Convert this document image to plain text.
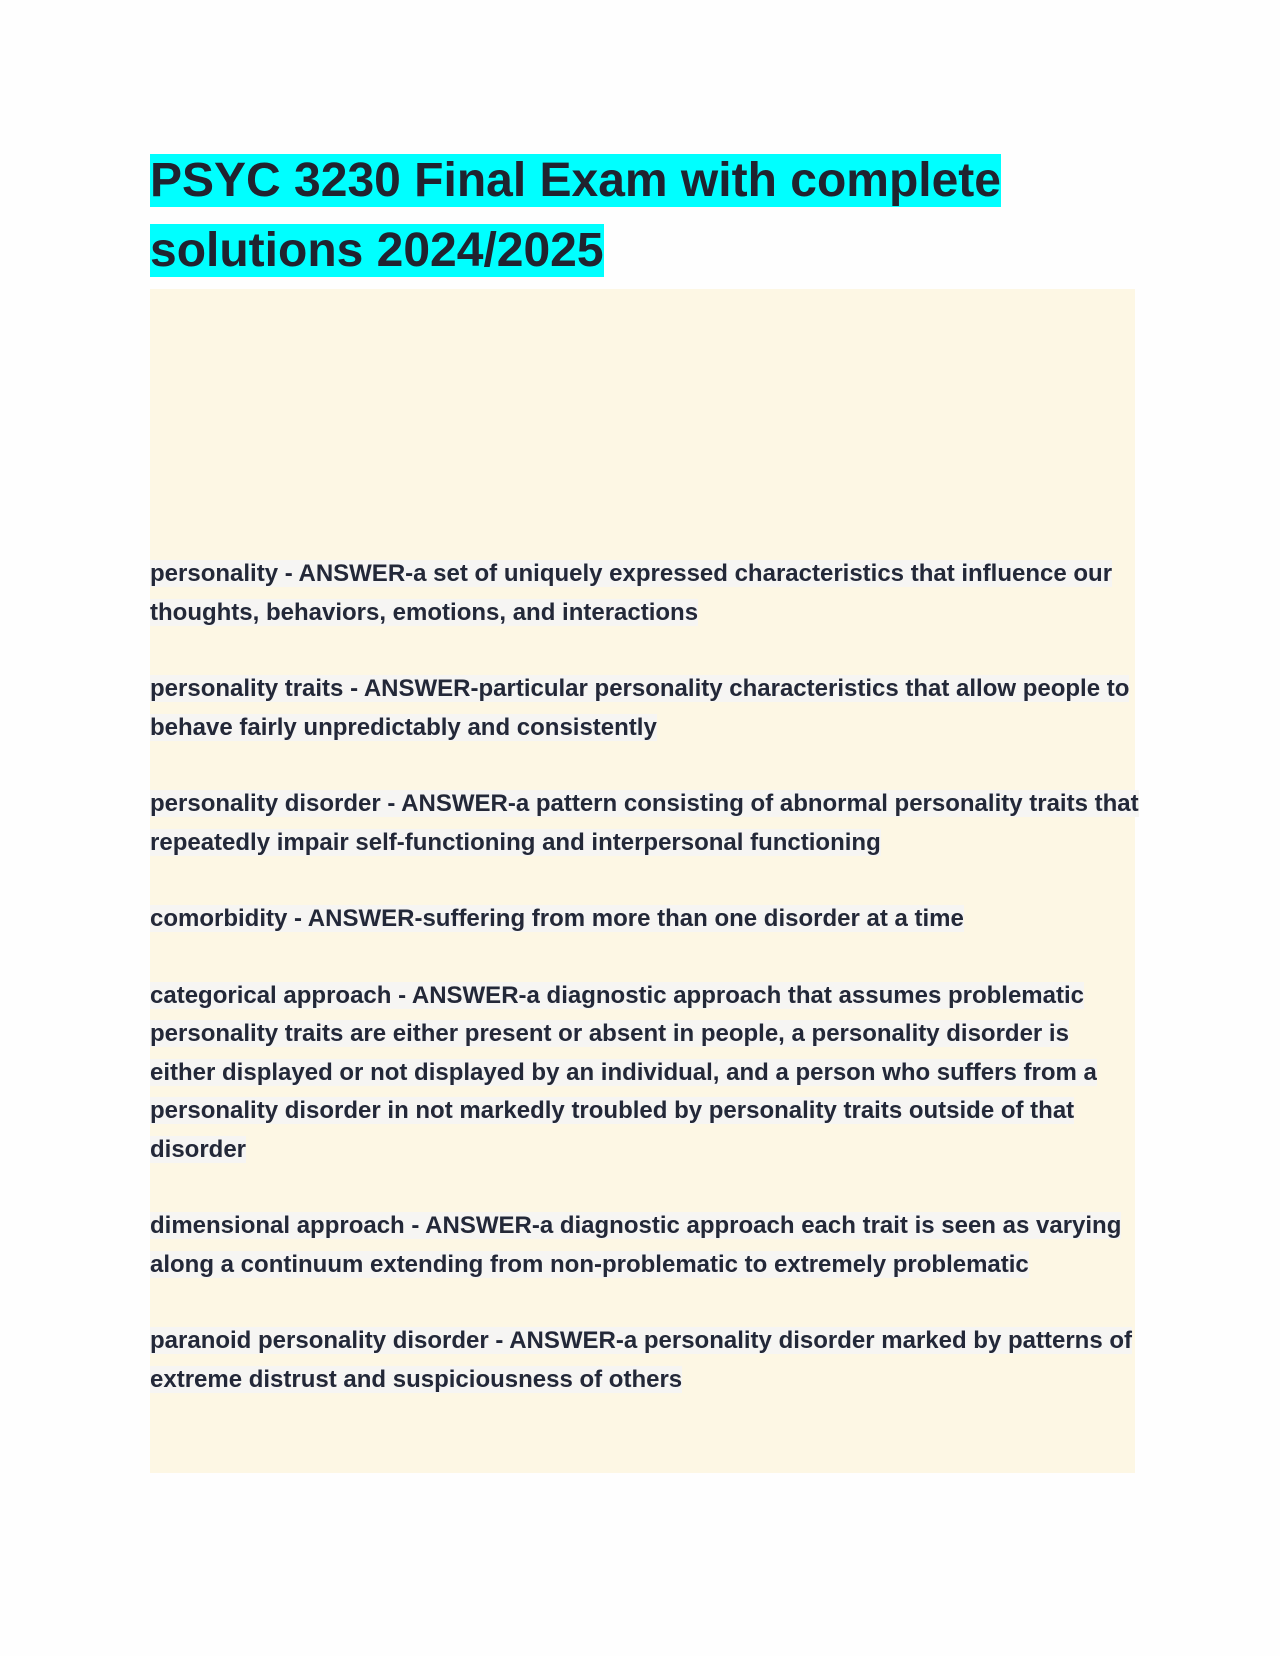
PSYC 3230 Final Exam with complete solutions 2024/2025

personality - ANSWER-a set of uniquely expressed characteristics that influence our thoughts, behaviors, emotions, and interactions

personality traits - ANSWER-particular personality characteristics that allow people to behave fairly unpredictably and consistently

personality disorder - ANSWER-a pattern consisting of abnormal personality traits that repeatedly impair self-functioning and interpersonal functioning

comorbidity - ANSWER-suffering from more than one disorder at a time

categorical approach - ANSWER-a diagnostic approach that assumes problematic personality traits are either present or absent in people, a personality disorder is either displayed or not displayed by an individual, and a person who suffers from a personality disorder in not markedly troubled by personality traits outside of that disorder

dimensional approach - ANSWER-a diagnostic approach each trait is seen as varying along a continuum extending from non-problematic to extremely problematic

paranoid personality disorder - ANSWER-a personality disorder marked by patterns of extreme distrust and suspiciousness of others
